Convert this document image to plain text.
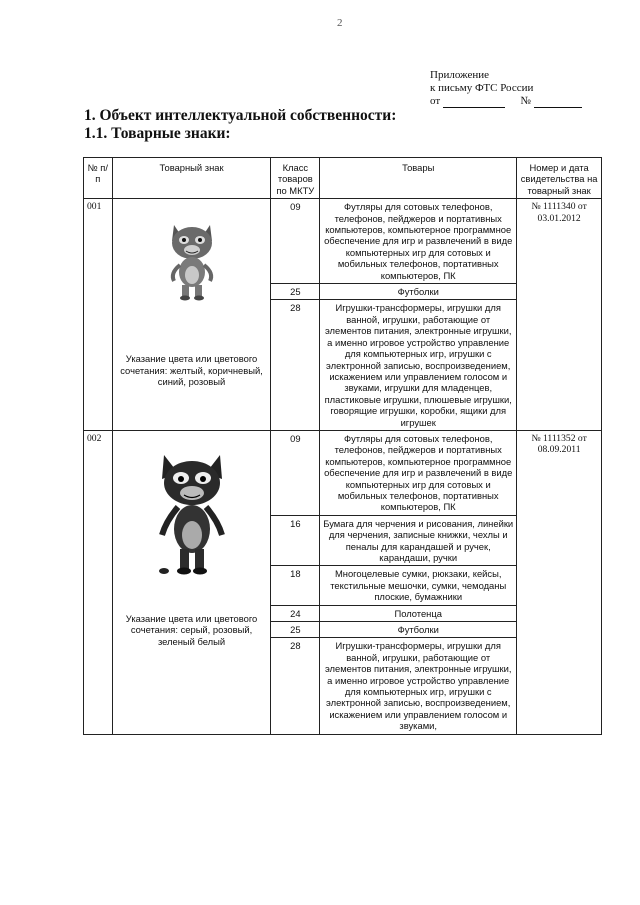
2
Приложение
к письму ФТС России
от	№
1. Объект интеллектуальной собственности:
1.1. Товарные знаки:
№ п/п	Товарный знак	Класс товаров по МКТУ	Товары	Номер и дата свидетельства на товарный знак
001	Указание цвета или цветового сочетания: желтый, коричневый, синий, розовый	09	Футляры для сотовых телефонов, телефонов, пейджеров и портативных компьютеров, компьютерное программное обеспечение для игр и развлечений в виде компьютерных игр для сотовых и мобильных телефонов, портативных компьютеров, ПК	№ 1111340 от 03.01.2012
		25	Футболки	
		28	Игрушки-трансформеры, игрушки для ванной, игрушки, работающие от элементов питания, электронные игрушки, а именно игровое устройство управление для компьютерных игр, игрушки с электронной записью, воспроизведением, искажением или управлением голосом и звуками, игрушки для младенцев, пластиковые игрушки, плюшевые игрушки, говорящие игрушки, коробки, ящики для игрушек	
002	Указание цвета или цветового сочетания: серый, розовый, зеленый белый	09	Футляры для сотовых телефонов, телефонов, пейджеров и портативных компьютеров, компьютерное программное обеспечение для игр и развлечений в виде компьютерных игр для сотовых и мобильных телефонов, портативных компьютеров, ПК	№ 1111352 от 08.09.2011
		16	Бумага для черчения и рисования, линейки для черчения, записные книжки, чехлы и пеналы для карандашей и ручек, карандаши, ручки	
		18	Многоцелевые сумки, рюкзаки, кейсы, текстильные мешочки, сумки, чемоданы плоские, бумажники	
		24	Полотенца	
		25	Футболки	
		28	Игрушки-трансформеры, игрушки для ванной, игрушки, работающие от элементов питания, электронные игрушки, а именно игровое устройство управление для компьютерных игр, игрушки с электронной записью, воспроизведением, искажением или управлением голосом и звуками,	
